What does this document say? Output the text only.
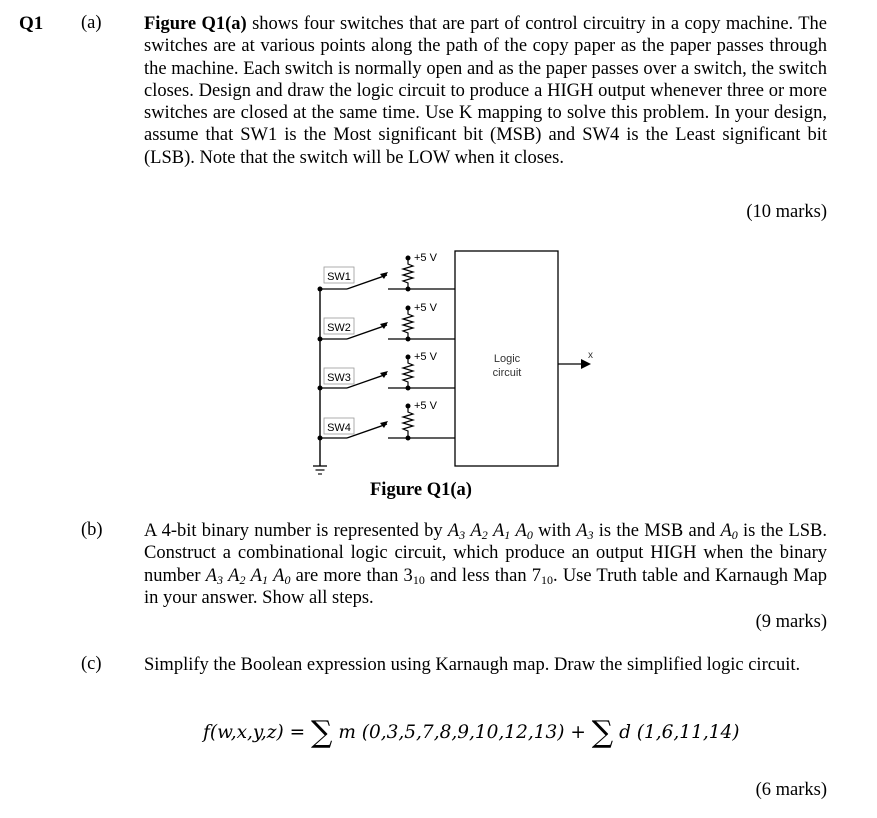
Q1 (a) Figure Q1(a) shows four switches that are part of control circuitry in a copy machine. The switches are at various points along the path of the copy paper as the paper passes through the machine. Each switch is normally open and as the paper passes over a switch, the switch closes. Design and draw the logic circuit to produce a HIGH output whenever three or more switches are closed at the same time. Use K mapping to solve this problem. In your design, assume that SW1 is the Most significant bit (MSB) and SW4 is the Least significant bit (LSB). Note that the switch will be LOW when it closes.
(10 marks)
SW1
+5 V
SW2
+5 V
SW3
+5 V
SW4
+5 V
Logic
circuit
x
Figure Q1(a)
(b) A 4-bit binary number is represented by $A_3$ $A_2$ $A_1$ $A_0$ with $A_3$ is the MSB and $A_0$ is the LSB. Construct a combinational logic circuit, which produce an output HIGH when the binary number $A_3$ $A_2$ $A_1$ $A_0$ are more than $3_{10}$ and less than $7_{10}$. Use Truth table and Karnaugh Map in your answer. Show all steps.
(9 marks)
(c) Simplify the Boolean expression using Karnaugh map. Draw the simplified logic circuit.
f(w,x,y,z) = ∑ m (0,3,5,7,8,9,10,12,13) + ∑ d (1,6,11,14)
(6 marks)
